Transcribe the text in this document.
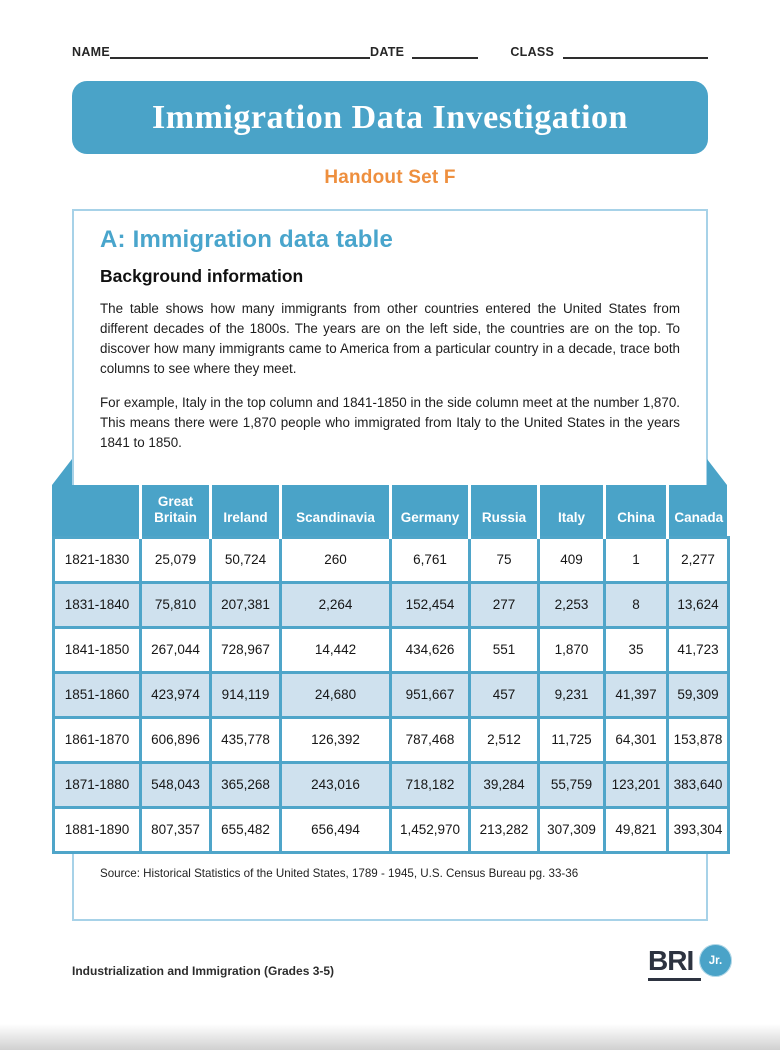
NAME	DATE	CLASS
Immigration Data Investigation
Handout Set F
A: Immigration data table
Background information

The table shows how many immigrants from other countries entered the United States from different decades of the 1800s. The years are on the left side, the countries are on the top. To discover how many immigrants came to America from a particular country in a decade, trace both columns to see where they meet.

For example, Italy in the top column and 1841-1850 in the side column meet at the number 1,870. This means there were 1,870 people who immigrated from Italy to the United States in the years 1841 to 1850.

	Great Britain	Ireland	Scandinavia	Germany	Russia	Italy	China	Canada
1821-1830	25,079	50,724	260	6,761	75	409	1	2,277
1831-1840	75,810	207,381	2,264	152,454	277	2,253	8	13,624
1841-1850	267,044	728,967	14,442	434,626	551	1,870	35	41,723
1851-1860	423,974	914,119	24,680	951,667	457	9,231	41,397	59,309
1861-1870	606,896	435,778	126,392	787,468	2,512	11,725	64,301	153,878
1871-1880	548,043	365,268	243,016	718,182	39,284	55,759	123,201	383,640
1881-1890	807,357	655,482	656,494	1,452,970	213,282	307,309	49,821	393,304

Source: Historical Statistics of the United States, 1789 - 1945, U.S. Census Bureau pg. 33-36

Industrialization and Immigration (Grades 3-5)	BRI	Jr.
